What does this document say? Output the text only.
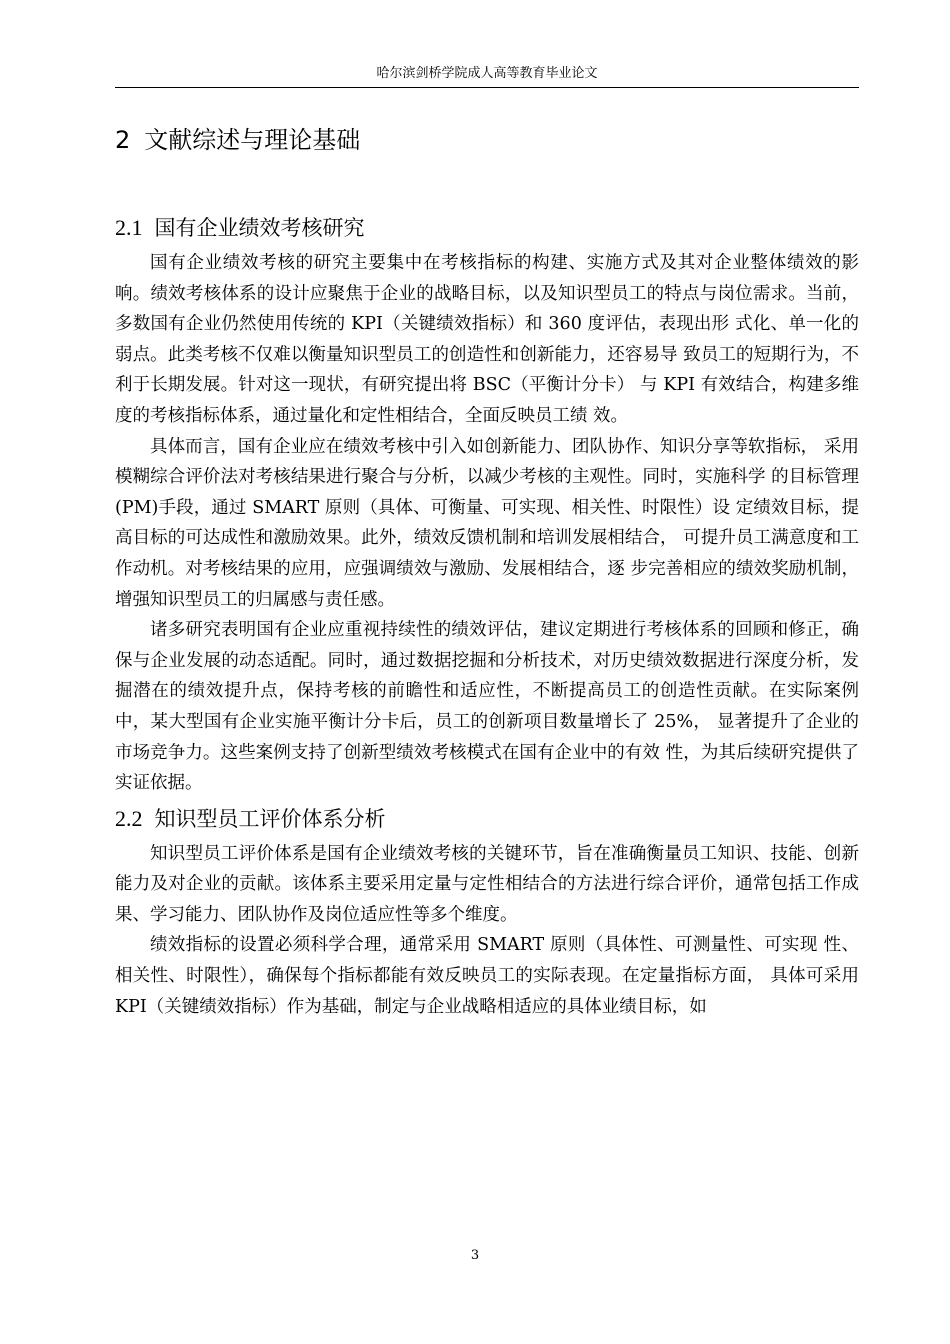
哈尔滨剑桥学院成人高等教育毕业论文
2 文献综述与理论基础
2.1 国有企业绩效考核研究

国有企业绩效考核的研究主要集中在考核指标的构建、实施方式及其对企业整体绩效的影响。绩效考核体系的设计应聚焦于企业的战略目标，以及知识型员工的特点与岗位需求。当前，多数国有企业仍然使用传统的 KPI（关键绩效指标）和 360 度评估，表现出形 式化、单一化的弱点。此类考核不仅难以衡量知识型员工的创造性和创新能力，还容易导 致员工的短期行为，不利于长期发展。针对这一现状，有研究提出将 BSC（平衡计分卡） 与 KPI 有效结合，构建多维度的考核指标体系，通过量化和定性相结合，全面反映员工绩 效。

具体而言，国有企业应在绩效考核中引入如创新能力、团队协作、知识分享等软指标， 采用模糊综合评价法对考核结果进行聚合与分析，以减少考核的主观性。同时，实施科学 的目标管理(PM)手段，通过 SMART 原则（具体、可衡量、可实现、相关性、时限性）设 定绩效目标，提高目标的可达成性和激励效果。此外，绩效反馈机制和培训发展相结合， 可提升员工满意度和工作动机。对考核结果的应用，应强调绩效与激励、发展相结合，逐 步完善相应的绩效奖励机制，增强知识型员工的归属感与责任感。

诸多研究表明国有企业应重视持续性的绩效评估，建议定期进行考核体系的回顾和修正，确保与企业发展的动态适配。同时，通过数据挖掘和分析技术，对历史绩效数据进行深度分析，发掘潜在的绩效提升点，保持考核的前瞻性和适应性，不断提高员工的创造性贡献。在实际案例中，某大型国有企业实施平衡计分卡后，员工的创新项目数量增长了 25%， 显著提升了企业的市场竞争力。这些案例支持了创新型绩效考核模式在国有企业中的有效 性，为其后续研究提供了实证依据。

2.2 知识型员工评价体系分析

知识型员工评价体系是国有企业绩效考核的关键环节，旨在准确衡量员工知识、技能、创新能力及对企业的贡献。该体系主要采用定量与定性相结合的方法进行综合评价，通常包括工作成果、学习能力、团队协作及岗位适应性等多个维度。

绩效指标的设置必须科学合理，通常采用 SMART 原则（具体性、可测量性、可实现 性、相关性、时限性），确保每个指标都能有效反映员工的实际表现。在定量指标方面， 具体可采用 KPI（关键绩效指标）作为基础，制定与企业战略相适应的具体业绩目标，如

3
